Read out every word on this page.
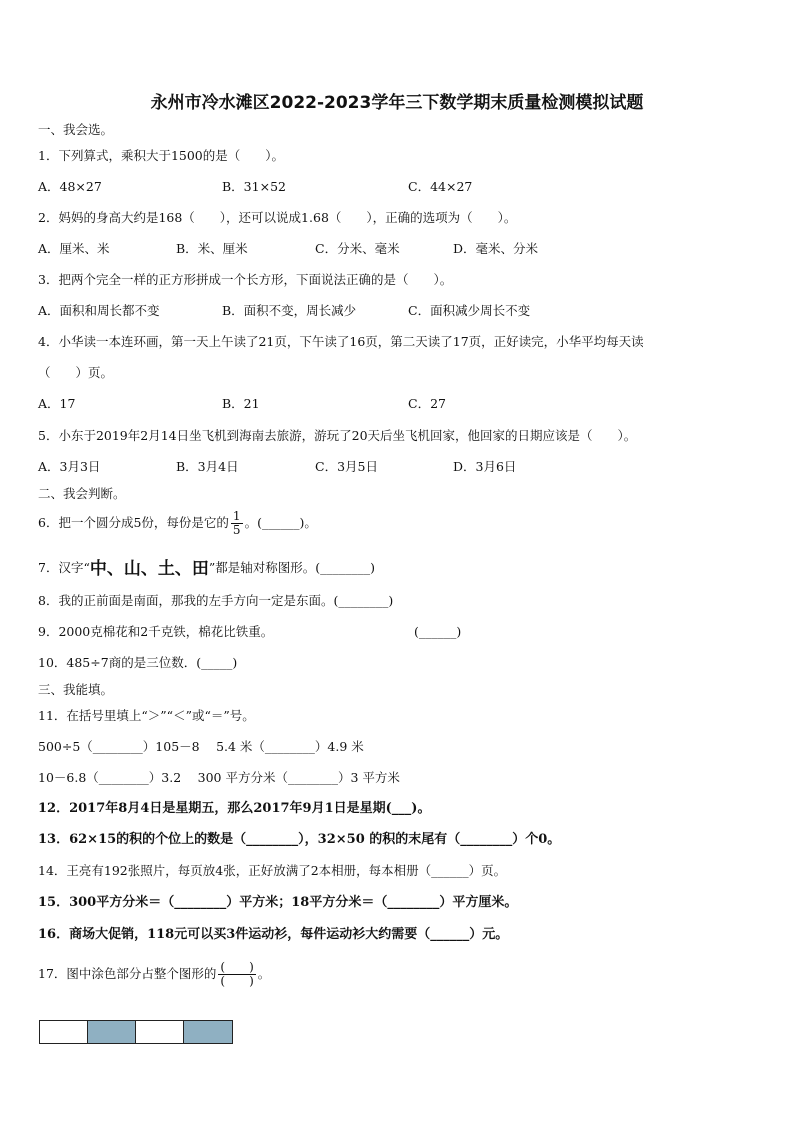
永州市冷水滩区2022-2023学年三下数学期末质量检测模拟试题
一、我会选。
1．下列算式，乘积大于1500的是（　　）。
A．48×27	B．31×52	C．44×27
2．妈妈的身高大约是168（　　），还可以说成1.68（　　），正确的选项为（　　）。
A．厘米、米	B．米、厘米	C．分米、毫米	D．毫米、分米
3．把两个完全一样的正方形拼成一个长方形，下面说法正确的是（　　）。
A．面积和周长都不变	B．面积不变，周长减少	C．面积减少周长不变
4．小华读一本连环画，第一天上午读了21页，下午读了16页，第二天读了17页，正好读完，小华平均每天读
（　　）页。
A．17	B．21	C．27
5．小东于2019年2月14日坐飞机到海南去旅游，游玩了20天后坐飞机回家，他回家的日期应该是（　　）。
A．3月3日	B．3月4日	C．3月5日	D．3月6日
二、我会判断。
6．把一个圆分成5份，每份是它的 $\frac{1}{5}$ 。(______)。
7．汉字“中、山、土、田”都是轴对称图形。(________)
8．我的正前面是南面，那我的左手方向一定是东面。(________)
9．2000克棉花和2千克铁，棉花比铁重。	(______)
10．485÷7商的是三位数．(_____)
三、我能填。
11．在括号里填上“＞”“＜”或“＝”号。
500÷5（________）105－8　 5.4 米（________）4.9 米
10－6.8（________）3.2　 300 平方分米（________）3 平方米
12．2017年8月4日是星期五，那么2017年9月1日是星期(___)。
13．62×15的积的个位上的数是（________），32×50 的积的末尾有（________）个0。
14．王亮有192张照片，每页放4张，正好放满了2本相册，每本相册（______）页。
15．300平方分米＝（________）平方米；18平方分米＝（________）平方厘米。
16．商场大促销，118元可以买3件运动衫，每件运动衫大约需要（______）元。
17．图中涂色部分占整个图形的 $\frac{( )}{( )}$ 。
